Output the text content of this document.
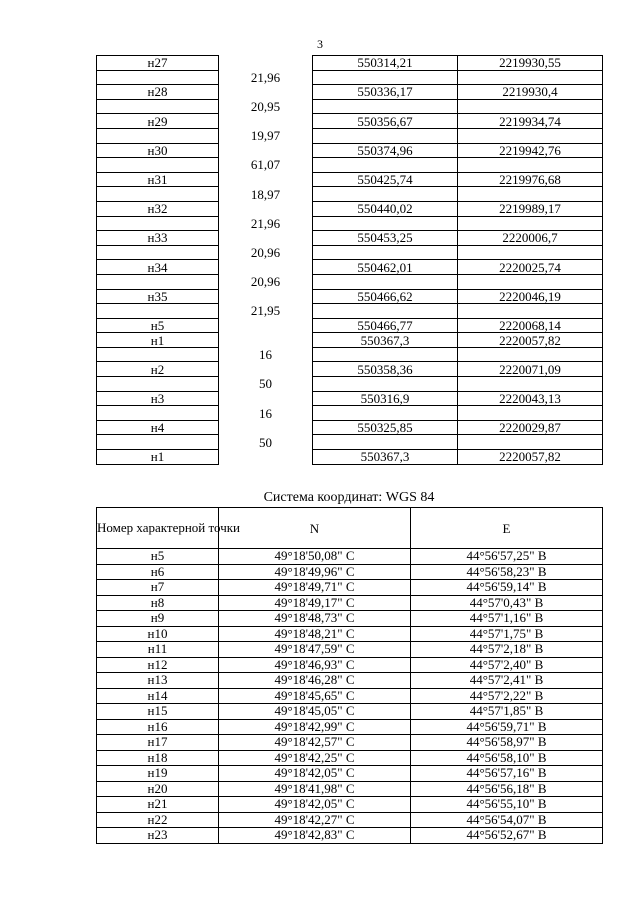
3
н27		550314,21	2219930,55
	21,96		
н28		550336,17	2219930,4
	20,95		
н29		550356,67	2219934,74
	19,97		
н30		550374,96	2219942,76
	61,07		
н31		550425,74	2219976,68
	18,97		
н32		550440,02	2219989,17
	21,96		
н33		550453,25	2220006,7
	20,96		
н34		550462,01	2220025,74
	20,96		
н35		550466,62	2220046,19
	21,95		
н5		550466,77	2220068,14
н1		550367,3	2220057,82
	16		
н2		550358,36	2220071,09
	50		
н3		550316,9	2220043,13
	16		
н4		550325,85	2220029,87
	50		
н1		550367,3	2220057,82
Система координат: WGS 84
Номер характерной точки	N	E
н5	49°18'50,08" С	44°56'57,25" В
н6	49°18'49,96" С	44°56'58,23" В
н7	49°18'49,71" С	44°56'59,14" В
н8	49°18'49,17" С	44°57'0,43" В
н9	49°18'48,73" С	44°57'1,16" В
н10	49°18'48,21" С	44°57'1,75" В
н11	49°18'47,59" С	44°57'2,18" В
н12	49°18'46,93" С	44°57'2,40" В
н13	49°18'46,28" С	44°57'2,41" В
н14	49°18'45,65" С	44°57'2,22" В
н15	49°18'45,05" С	44°57'1,85" В
н16	49°18'42,99" С	44°56'59,71" В
н17	49°18'42,57" С	44°56'58,97" В
н18	49°18'42,25" С	44°56'58,10" В
н19	49°18'42,05" С	44°56'57,16" В
н20	49°18'41,98" С	44°56'56,18" В
н21	49°18'42,05" С	44°56'55,10" В
н22	49°18'42,27" С	44°56'54,07" В
н23	49°18'42,83" С	44°56'52,67" В
